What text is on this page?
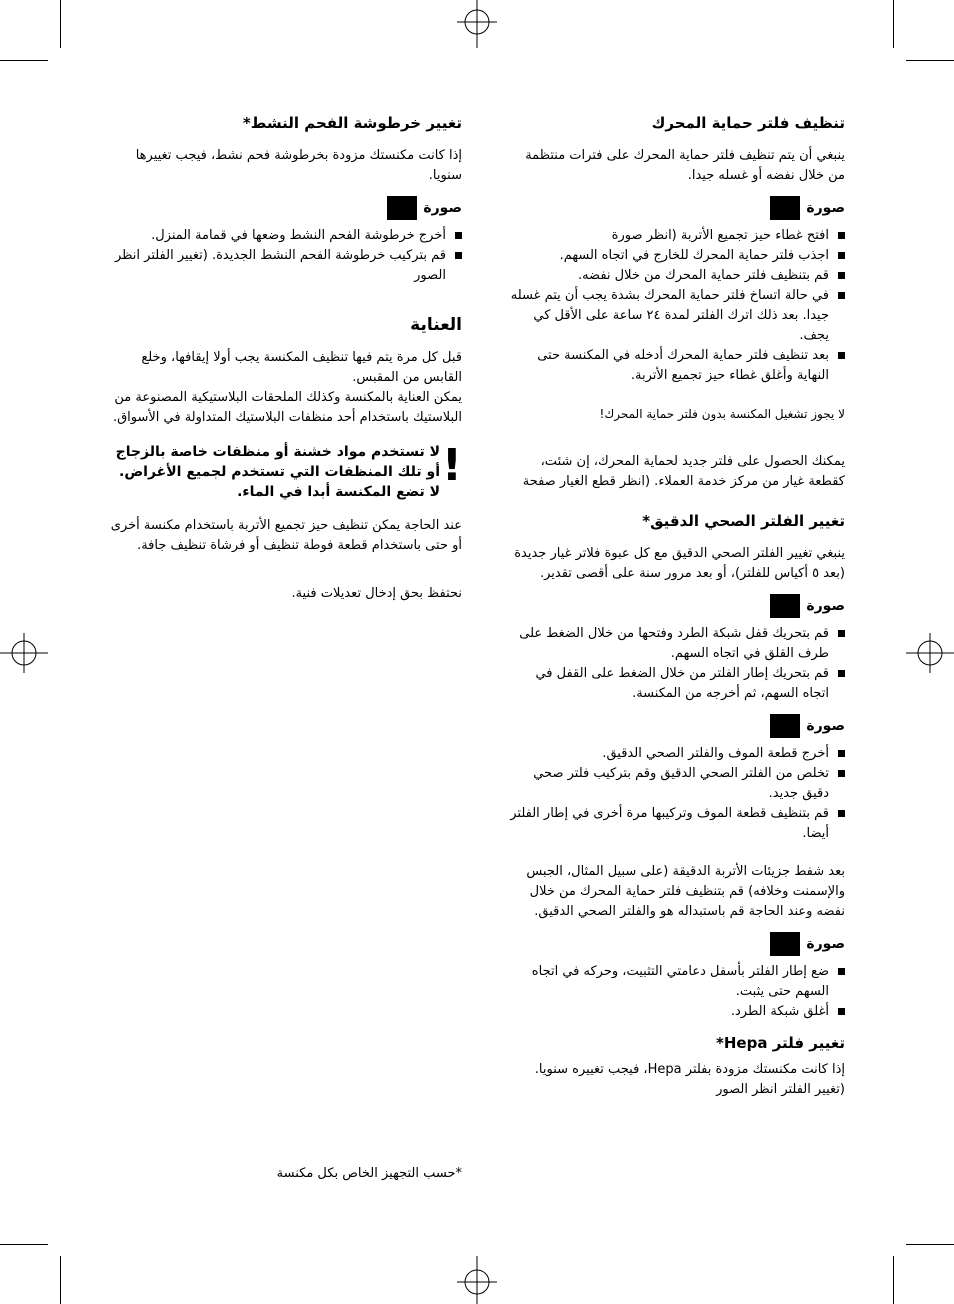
تنظيف فلتر حماية المحرك

ينبغي أن يتم تنظيف فلتر حماية المحرك على فترات منتظمة من خلال نفضه أو غسله جيدا.

صورة
افتح غطاء حيز تجميع الأتربة (انظر صورة
اجذب فلتر حماية المحرك للخارج في اتجاه السهم.
قم بتنظيف فلتر حماية المحرك من خلال نفضه.
في حالة اتساخ فلتر حماية المحرك بشدة يجب أن يتم غسله جيدا. بعد ذلك اترك الفلتر لمدة ٢٤ ساعة على الأقل كي يجف.
بعد تنظيف فلتر حماية المحرك أدخله في المكنسة حتى النهاية وأغلق غطاء حيز تجميع الأتربة.

لا يجوز تشغيل المكنسة بدون فلتر حماية المحرك!

يمكنك الحصول على فلتر جديد لحماية المحرك، إن شئت، كقطعة غيار من مركز خدمة العملاء. (انظر قطع الغيار صفحة

تغيير الفلتر الصحي الدقيق*

ينبغي تغيير الفلتر الصحي الدقيق مع كل عبوة فلاتر غيار جديدة (بعد ٥ أكياس للفلتر)، أو بعد مرور سنة على أقصى تقدير.

صورة
قم بتحريك قفل شبكة الطرد وفتحها من خلال الضغط على طرف القلق في اتجاه السهم.
قم بتحريك إطار الفلتر من خلال الضغط على القفل في اتجاه السهم، ثم أخرجه من المكنسة.
صورة
أخرج قطعة الموف والفلتر الصحي الدقيق.
تخلص من الفلتر الصحي الدقيق وقم بتركيب فلتر صحي دقيق جديد.
قم بتنظيف قطعة الموف وتركيبها مرة أخرى في إطار الفلتر أيضا.

بعد شفط جزيئات الأتربة الدقيقة (على سبيل المثال، الجبس والإسمنت وخلافه) قم بتنظيف فلتر حماية المحرك من خلال نفضه وعند الحاجة قم باستبداله هو والفلتر الصحي الدقيق.

صورة
ضع إطار الفلتر بأسفل دعامتي التثبيت، وحركه في اتجاه السهم حتى يثبت.
أغلق شبكة الطرد.
تغيير فلتر Hepa*

إذا كانت مكنستك مزودة بفلتر Hepa، فيجب تغييره سنويا. (تغيير الفلتر انظر الصور

تغيير خرطوشة الفحم النشط*

إذا كانت مكنستك مزودة بخرطوشة فحم نشط، فيجب تغييرها سنويا.

صورة
أخرج خرطوشة الفحم النشط وضعها في قمامة المنزل.
قم بتركيب خرطوشة الفحم النشط الجديدة. (تغيير الفلتر انظر الصور
العناية

قبل كل مرة يتم فيها تنظيف المكنسة يجب أولا إيقافها، وخلع القابس من المقبس.

يمكن العناية بالمكنسة وكذلك الملحقات البلاستيكية المصنوعة من البلاستيك باستخدام أحد منظفات البلاستيك المتداولة في الأسواق.

!

لا تستخدم مواد خشنة أو منظفات خاصة بالزجاج أو تلك المنظفات التي تستخدم لجميع الأغراض.

لا تضع المكنسة أبدا في الماء.

عند الحاجة يمكن تنظيف حيز تجميع الأتربة باستخدام مكنسة أخرى أو حتى باستخدام قطعة فوطة تنظيف أو فرشاة تنظيف جافة.

نحتفظ بحق إدخال تعديلات فنية.

*حسب التجهيز الخاص بكل مكنسة
